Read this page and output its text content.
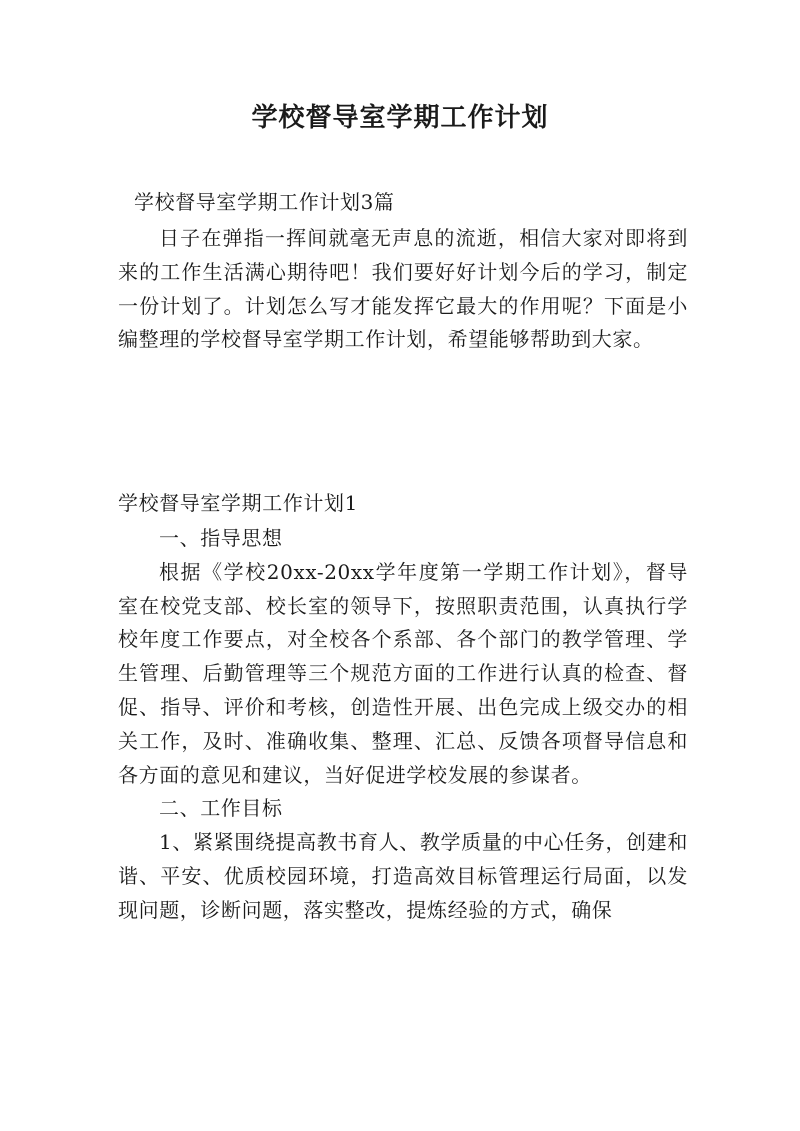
学校督导室学期工作计划
学校督导室学期工作计划3篇

日子在弹指一挥间就毫无声息的流逝，相信大家对即将到来的工作生活满心期待吧！我们要好好计划今后的学习，制定一份计划了。计划怎么写才能发挥它最大的作用呢？下面是小编整理的学校督导室学期工作计划，希望能够帮助到大家。

学校督导室学期工作计划1

一、指导思想

根据《学校20xx-20xx学年度第一学期工作计划》，督导室在校党支部、校长室的领导下，按照职责范围，认真执行学校年度工作要点，对全校各个系部、各个部门的教学管理、学生管理、后勤管理等三个规范方面的工作进行认真的检查、督促、指导、评价和考核，创造性开展、出色完成上级交办的相关工作，及时、准确收集、整理、汇总、反馈各项督导信息和各方面的意见和建议，当好促进学校发展的参谋者。

二、工作目标

1、紧紧围绕提高教书育人、教学质量的中心任务，创建和谐、平安、优质校园环境，打造高效目标管理运行局面，以发现问题，诊断问题，落实整改，提炼经验的方式，确保
